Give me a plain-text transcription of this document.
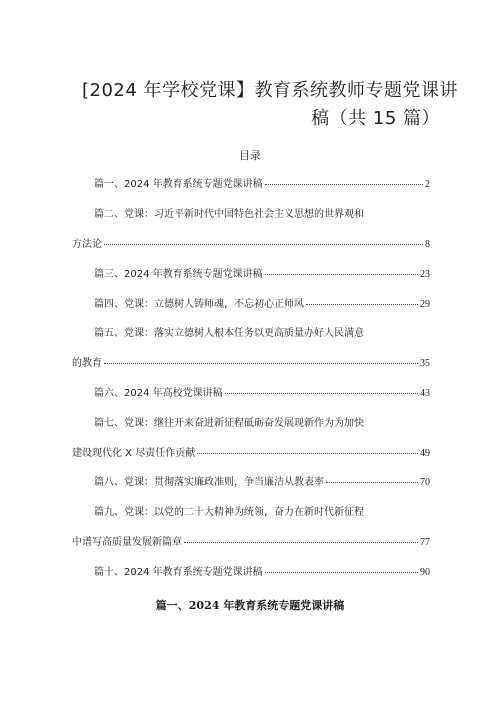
[2024 年学校党课】教育系统教师专题党课讲
稿（共 15 篇）
目录
篇一、2024 年教育系统专题党课讲稿	2
篇二、党课：习近平新时代中国特色社会主义思想的世界观和
方法论	8
篇三、2024 年教育系统专题党课讲稿	23
篇四、党课：立德树人铸师魂，不忘初心正师风	29
篇五、党课：落实立德树人根本任务以更高质量办好人民满意
的教育	35
篇六、2024 年高校党课讲稿	43
篇七、党课：继往开来奋进新征程砥砺奋发展现新作为为加快
建设现代化 X 尽责任作贡献	49
篇八、党课：贯彻落实廉政准则，争当廉洁从教表率	70
篇九、党课：以党的二十大精神为统领，奋力在新时代新征程
中谱写高质量发展新篇章	77
篇十、2024 年教育系统专题党课讲稿	90
篇一、2024 年教育系统专题党课讲稿
